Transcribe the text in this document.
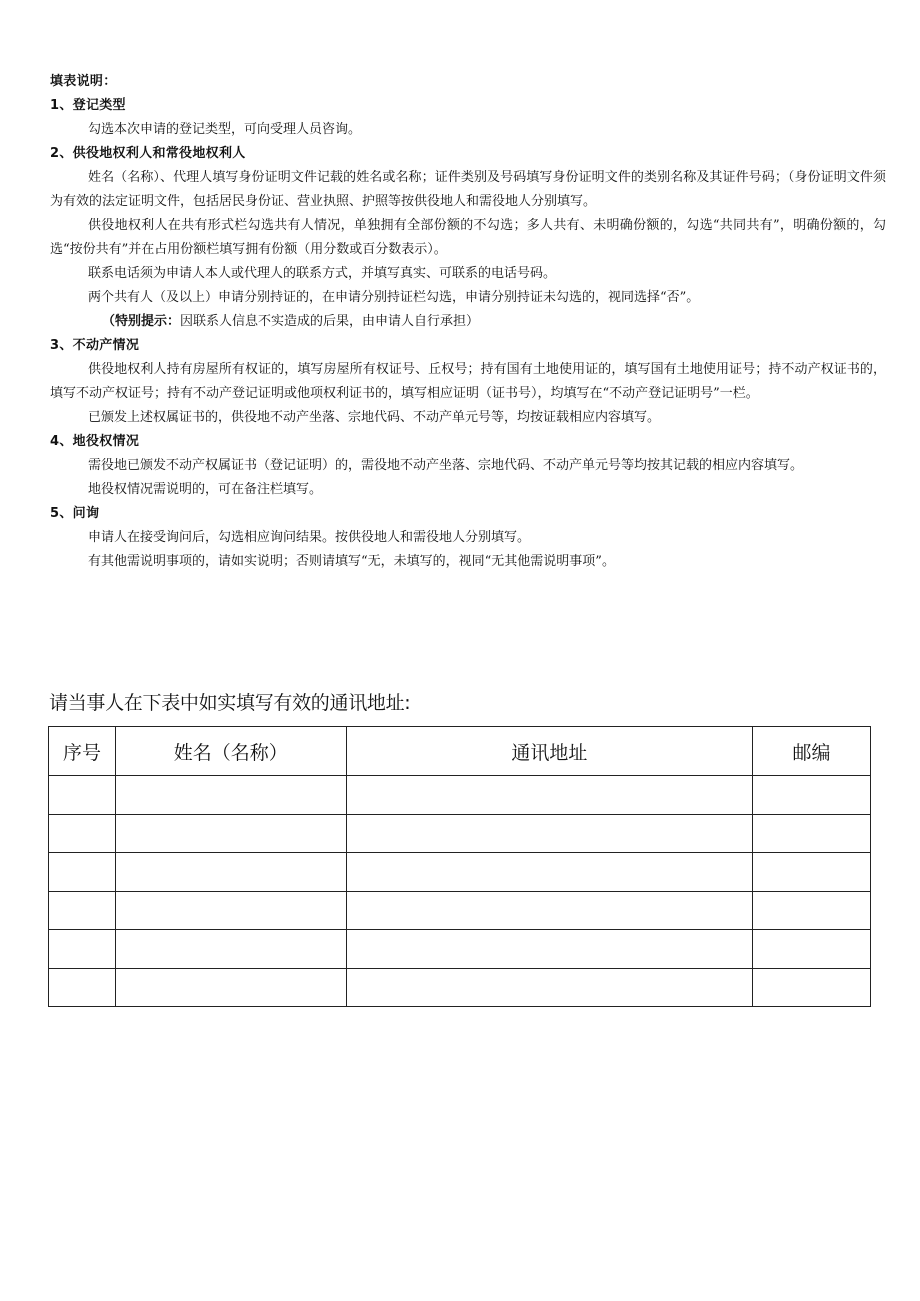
填表说明：

1、登记类型

勾选本次申请的登记类型，可向受理人员咨询。

2、供役地权利人和常役地权利人

姓名（名称）、代理人填写身份证明文件记载的姓名或名称；证件类别及号码填写身份证明文件的类别名称及其证件号码；（身份证明文件须为有效的法定证明文件，包括居民身份证、营业执照、护照等按供役地人和需役地人分别填写。

供役地权利人在共有形式栏勾选共有人情况，单独拥有全部份额的不勾选；多人共有、未明确份额的，勾选“共同共有”，明确份额的，勾选“按份共有”并在占用份额栏填写拥有份额（用分数或百分数表示）。

联系电话须为申请人本人或代理人的联系方式，并填写真实、可联系的电话号码。

两个共有人（及以上）申请分别持证的，在申请分别持证栏勾选，申请分别持证未勾选的，视同选择“否”。

（特别提示：因联系人信息不实造成的后果，由申请人自行承担）

3、不动产情况

供役地权利人持有房屋所有权证的，填写房屋所有权证号、丘权号；持有国有土地使用证的，填写国有土地使用证号；持不动产权证书的，填写不动产权证号；持有不动产登记证明或他项权利证书的，填写相应证明（证书号），均填写在“不动产登记证明号”一栏。

已颁发上述权属证书的，供役地不动产坐落、宗地代码、不动产单元号等，均按证载相应内容填写。

4、地役权情况

需役地已颁发不动产权属证书（登记证明）的，需役地不动产坐落、宗地代码、不动产单元号等均按其记载的相应内容填写。

地役权情况需说明的，可在备注栏填写。

5、问询

申请人在接受询问后，勾选相应询问结果。按供役地人和需役地人分别填写。

有其他需说明事项的，请如实说明；否则请填写“无，未填写的，视同“无其他需说明事项”。

请当事人在下表中如实填写有效的通讯地址:
序号	姓名（名称）	通讯地址	邮编
